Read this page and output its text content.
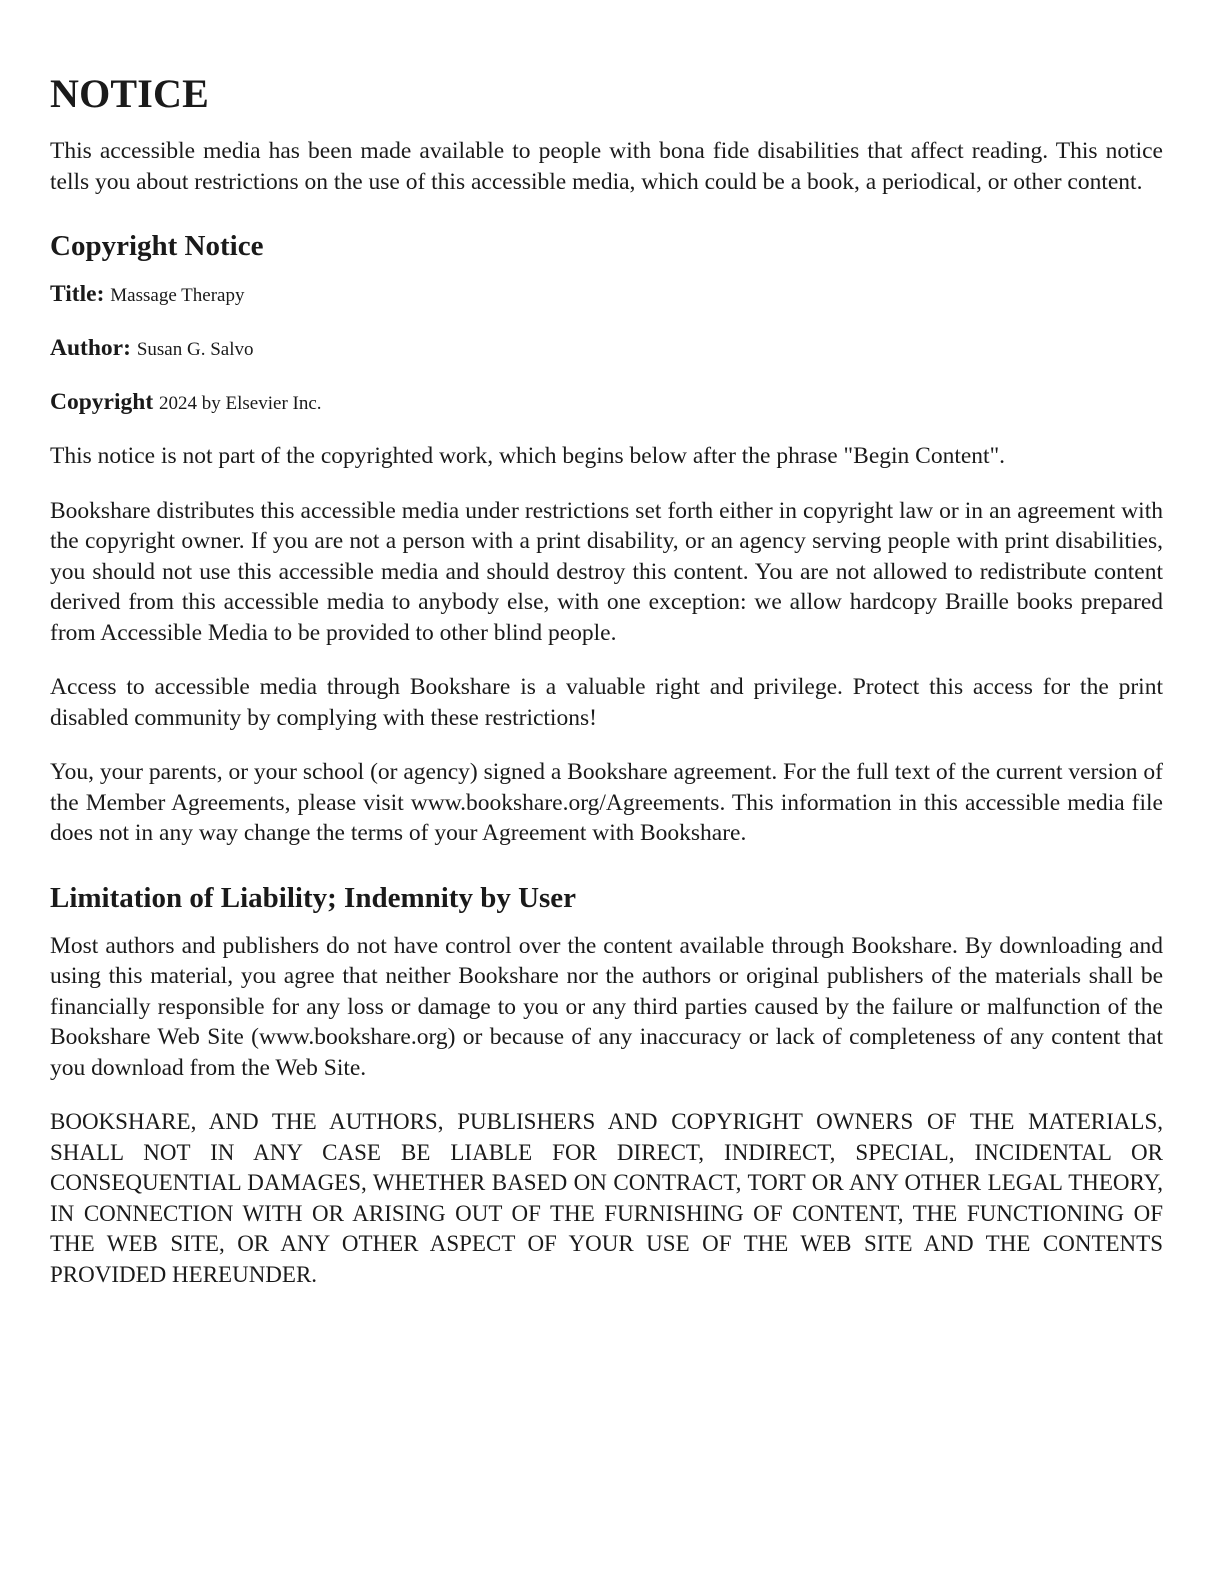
NOTICE

This accessible media has been made available to people with bona fide disabilities that affect reading. This notice tells you about restrictions on the use of this accessible media, which could be a book, a periodical, or other content.

Copyright Notice

Title: Massage Therapy

Author: Susan G. Salvo

Copyright 2024 by Elsevier Inc.

This notice is not part of the copyrighted work, which begins below after the phrase "Begin Content".

Bookshare distributes this accessible media under restrictions set forth either in copyright law or in an agreement with the copyright owner. If you are not a person with a print disability, or an agency serving people with print disabilities, you should not use this accessible media and should destroy this content. You are not allowed to redistribute content derived from this accessible media to anybody else, with one exception: we allow hardcopy Braille books prepared from Accessible Media to be provided to other blind people.

Access to accessible media through Bookshare is a valuable right and privilege. Protect this access for the print disabled community by complying with these restrictions!

You, your parents, or your school (or agency) signed a Bookshare agreement. For the full text of the current version of the Member Agreements, please visit www.bookshare.org/Agreements. This information in this accessible media file does not in any way change the terms of your Agreement with Bookshare.

Limitation of Liability; Indemnity by User

Most authors and publishers do not have control over the content available through Bookshare. By downloading and using this material, you agree that neither Bookshare nor the authors or original publishers of the materials shall be financially responsible for any loss or damage to you or any third parties caused by the failure or malfunction of the Bookshare Web Site (www.bookshare.org) or because of any inaccuracy or lack of completeness of any content that you download from the Web Site.

BOOKSHARE, AND THE AUTHORS, PUBLISHERS AND COPYRIGHT OWNERS OF THE MATERIALS, SHALL NOT IN ANY CASE BE LIABLE FOR DIRECT, INDIRECT, SPECIAL, INCIDENTAL OR CONSEQUENTIAL DAMAGES, WHETHER BASED ON CONTRACT, TORT OR ANY OTHER LEGAL THEORY, IN CONNECTION WITH OR ARISING OUT OF THE FURNISHING OF CONTENT, THE FUNCTIONING OF THE WEB SITE, OR ANY OTHER ASPECT OF YOUR USE OF THE WEB SITE AND THE CONTENTS PROVIDED HEREUNDER.
